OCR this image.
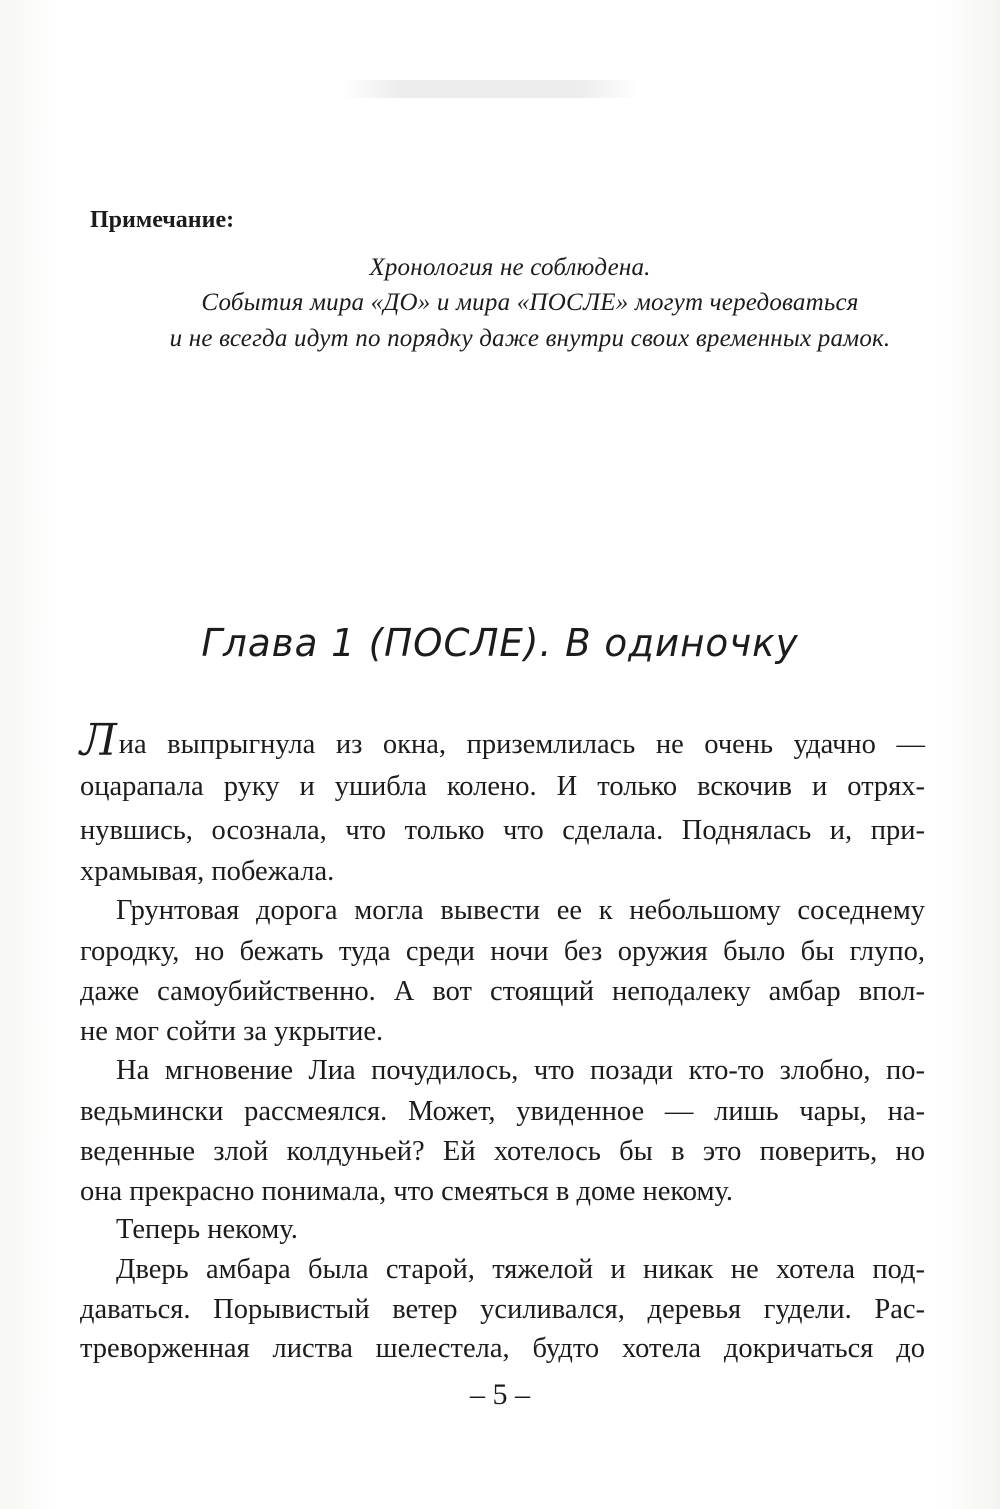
Примечание:
Хронология не соблюдена.
События мира «ДО» и мира «ПОСЛЕ» могут чередоваться
и не всегда идут по порядку даже внутри своих временных рамок.
Глава 1 (ПОСЛЕ). В одиночку
Лиа выпрыгнула из окна, приземлилась не очень удачно —
оцарапала руку и ушибла колено. И только вскочив и отрях-
нувшись, осознала, что только что сделала. Поднялась и, при-
храмывая, побежала.
Грунтовая дорога могла вывести ее к небольшому соседнему
городку, но бежать туда среди ночи без оружия было бы глупо,
даже самоубийственно. А вот стоящий неподалеку амбар впол-
не мог сойти за укрытие.
На мгновение Лиа почудилось, что позади кто-то злобно, по-
ведьмински рассмеялся. Может, увиденное — лишь чары, на-
веденные злой колдуньей? Ей хотелось бы в это поверить, но
она прекрасно понимала, что смеяться в доме некому.
Теперь некому.
Дверь амбара была старой, тяжелой и никак не хотела под-
даваться. Порывистый ветер усиливался, деревья гудели. Рас-
треворженная листва шелестела, будто хотела докричаться до
– 5 –
